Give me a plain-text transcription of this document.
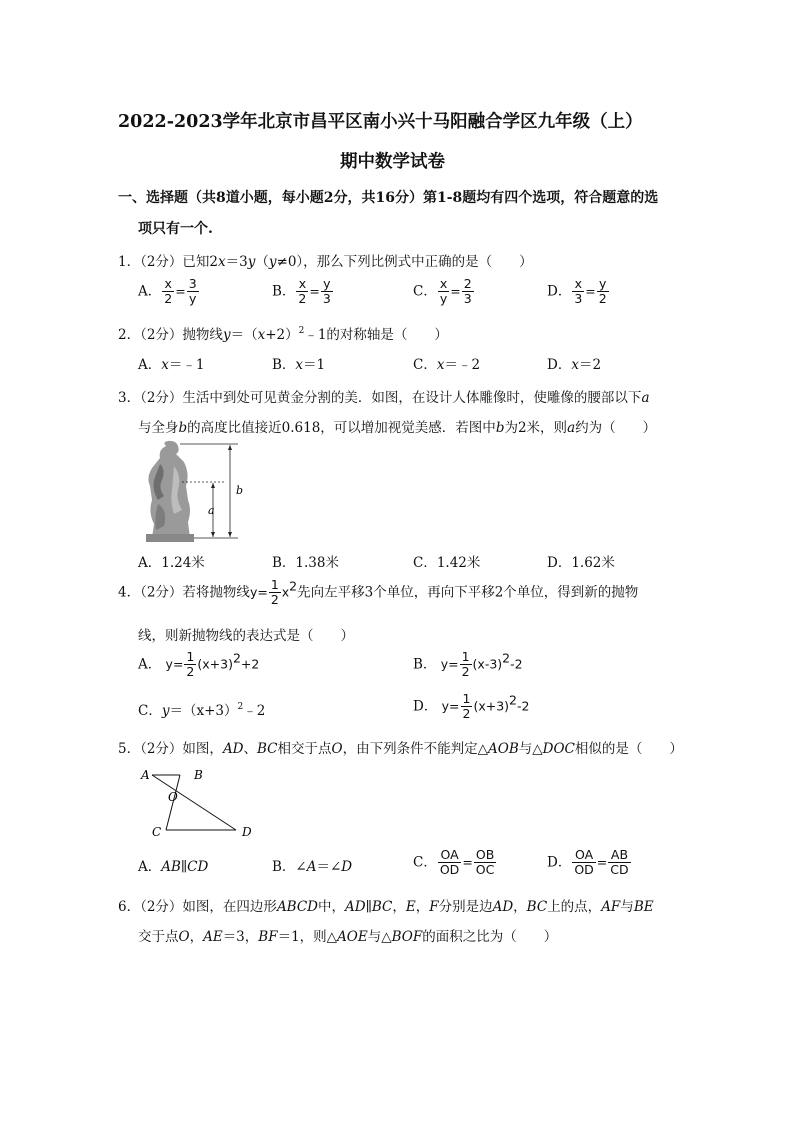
2022-2023学年北京市昌平区南小兴十马阳融合学区九年级（上）
期中数学试卷
一、选择题（共8道小题，每小题2分，共16分）第1-8题均有四个选项，符合题意的选
项只有一个.
1．（2分）已知2x＝3y（y≠0），那么下列比例式中正确的是（　　）
A． $\frac{x}{2} = \frac{3}{y}$	B． $\frac{x}{2} = \frac{y}{3}$	C． $\frac{x}{y} = \frac{2}{3}$	D． $\frac{x}{3} = \frac{y}{2}$
2．（2分）抛物线$y=(x+2)^2﹣1$的对称轴是（　　）
A．x＝﹣1	B．x＝1	C．x＝﹣2	D．x＝2
3．（2分）生活中到处可见黄金分割的美．如图，在设计人体雕像时，使雕像的腰部以下a
与全身b的高度比值接近0.618，可以增加视觉美感．若图中b为2米，则a约为（　　）
b
a
A．1.24米	B．1.38米	C．1.42米	D．1.62米
4．（2分）若将抛物线$y= \frac{1}{2} x^2$先向左平移3个单位，再向下平移2个单位，得到新的抛物
线，则新抛物线的表达式是（　　）
A． $y= \frac{1}{2} (x+3)^2+2$	B． $y= \frac{1}{2} (x-3)^2-2$
C．$y=(x+3)^2﹣2$	D． $y= \frac{1}{2} (x+3)^2-2$
5．（2分）如图，AD、BC相交于点O，由下列条件不能判定△AOB与△DOC相似的是（　　）
A	B
O
C	D
A．AB∥CD	B．∠A＝∠D	C． $\frac{OA}{OD} = \frac{OB}{OC}$	D． $\frac{OA}{OD} = \frac{AB}{CD}$
6．（2分）如图，在四边形ABCD中，AD∥BC，E，F分别是边AD，BC上的点，AF与BE
交于点O，AE＝3，BF＝1，则△AOE与△BOF的面积之比为（　　）
